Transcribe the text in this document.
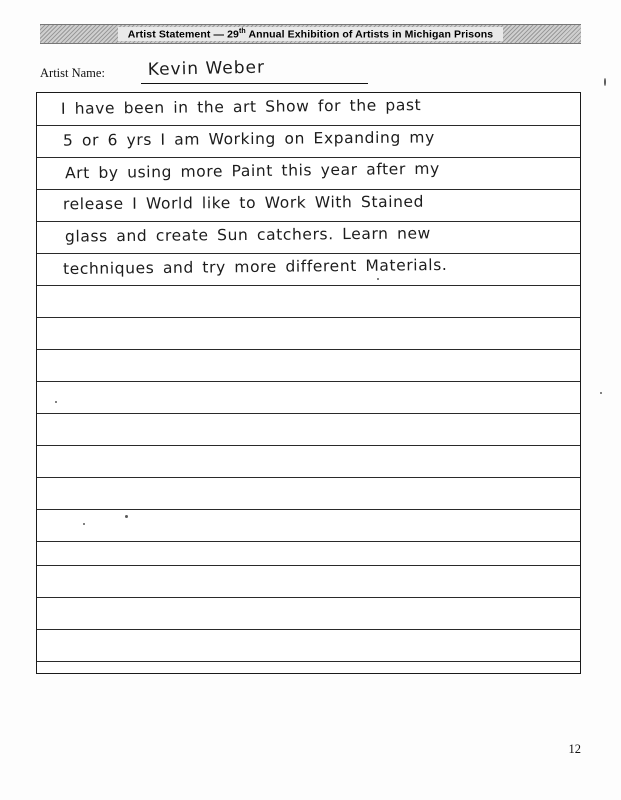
Artist Statement — 29th Annual Exhibition of Artists in Michigan Prisons
Artist Name:	Kevin Weber
I have been in the art Show for the past
5 or 6 yrs I am Working on Expanding my
Art by using more Paint this year after my
release I World like to Work With Stained
glass and create Sun catchers. Learn new
techniques and try more different Materials.
12
